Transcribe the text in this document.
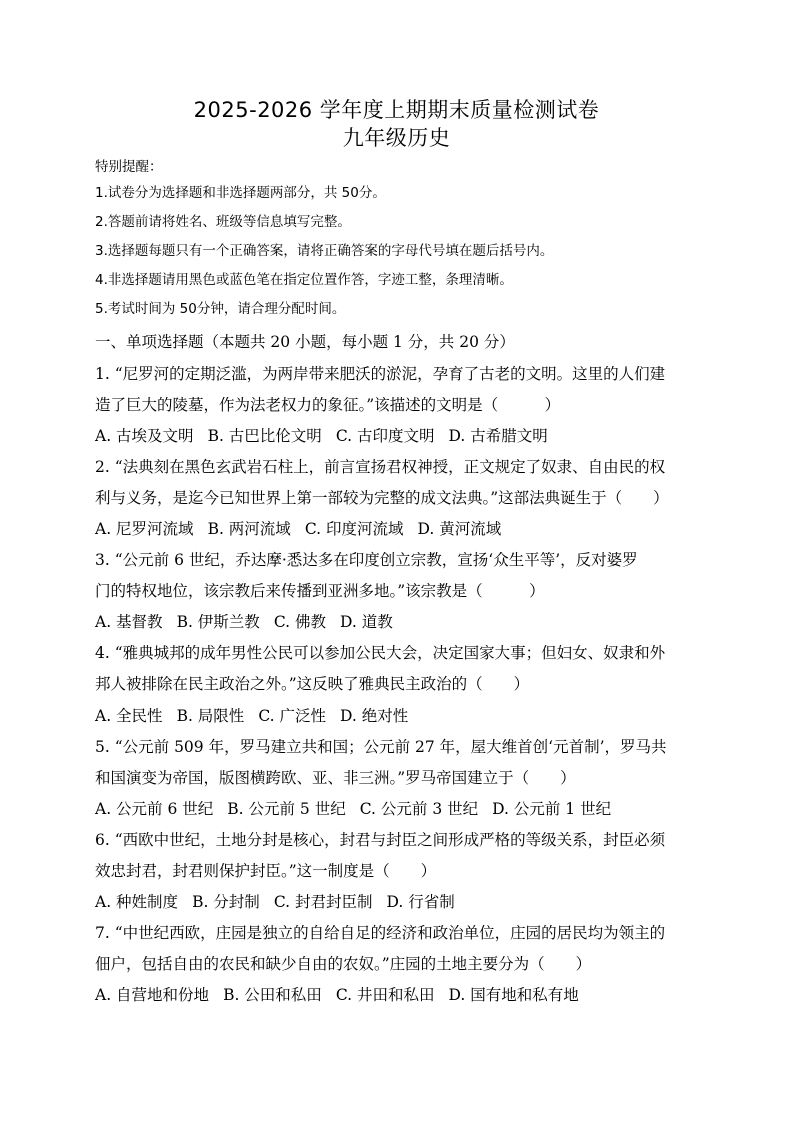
2025-2026 学年度上期期末质量检测试卷
九年级历史
特别提醒：
1.试卷分为选择题和非选择题两部分，共 50分。
2.答题前请将姓名、班级等信息填写完整。
3.选择题每题只有一个正确答案，请将正确答案的字母代号填在题后括号内。
4.非选择题请用黑色或蓝色笔在指定位置作答，字迹工整，条理清晰。
5.考试时间为 50分钟，请合理分配时间。
一、单项选择题（本题共 20 小题，每小题 1 分，共 20 分）
1. “尼罗河的定期泛滥，为两岸带来肥沃的淤泥，孕育了古老的文明。这里的人们建
造了巨大的陵墓，作为法老权力的象征。”该描述的文明是（　　　）
A. 古埃及文明 B. 古巴比伦文明 C. 古印度文明 D. 古希腊文明
2. “法典刻在黑色玄武岩石柱上，前言宣扬君权神授，正文规定了奴隶、自由民的权
利与义务，是迄今已知世界上第一部较为完整的成文法典。”这部法典诞生于（　　）
A. 尼罗河流域 B. 两河流域 C. 印度河流域 D. 黄河流域
3. “公元前 6 世纪，乔达摩·悉达多在印度创立宗教，宣扬‘众生平等’，反对婆罗
门的特权地位，该宗教后来传播到亚洲多地。”该宗教是（　　　）
A. 基督教 B. 伊斯兰教 C. 佛教 D. 道教
4. “雅典城邦的成年男性公民可以参加公民大会，决定国家大事；但妇女、奴隶和外
邦人被排除在民主政治之外。”这反映了雅典民主政治的（　　）
A. 全民性 B. 局限性 C. 广泛性 D. 绝对性
5. “公元前 509 年，罗马建立共和国；公元前 27 年，屋大维首创‘元首制’，罗马共
和国演变为帝国，版图横跨欧、亚、非三洲。”罗马帝国建立于（　　）
A. 公元前 6 世纪 B. 公元前 5 世纪 C. 公元前 3 世纪 D. 公元前 1 世纪
6. “西欧中世纪，土地分封是核心，封君与封臣之间形成严格的等级关系，封臣必须
效忠封君，封君则保护封臣。”这一制度是（　　）
A. 种姓制度 B. 分封制 C. 封君封臣制 D. 行省制
7. “中世纪西欧，庄园是独立的自给自足的经济和政治单位，庄园的居民均为领主的
佃户，包括自由的农民和缺少自由的农奴。”庄园的土地主要分为（　　）
A. 自营地和份地 B. 公田和私田 C. 井田和私田 D. 国有地和私有地
